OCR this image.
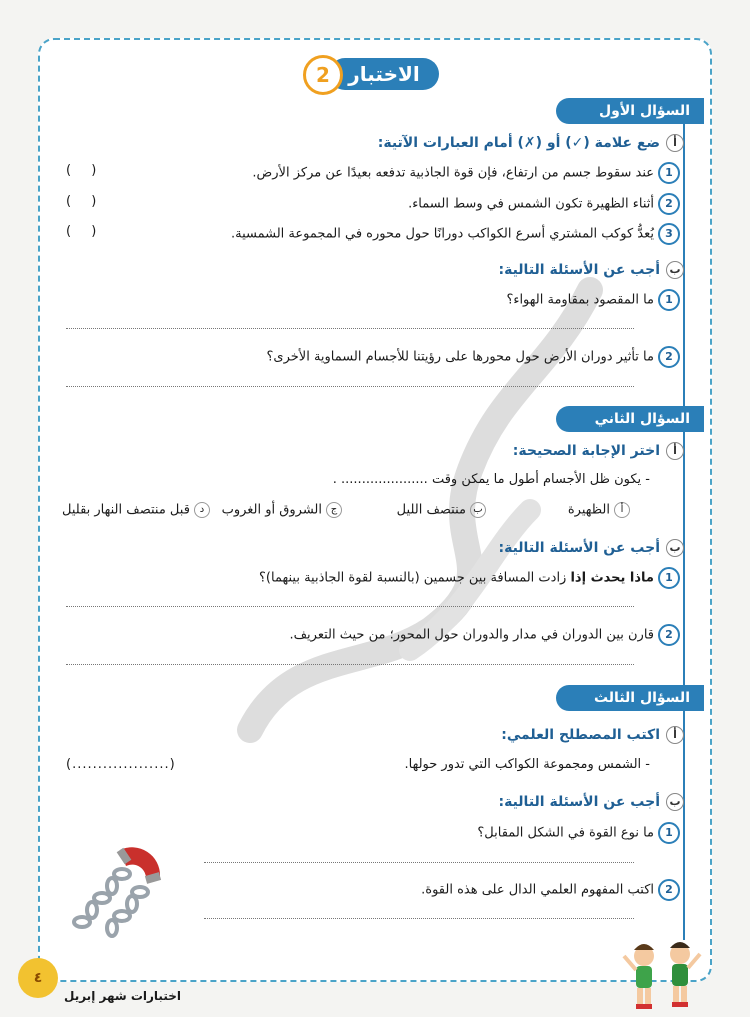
الاختبار
2
السؤال الأول
أضع علامة (✓) أو (✗) أمام العبارات الآتية:
1عند سقوط جسم من ارتفاع، فإن قوة الجاذبية تدفعه بعيدًا عن مركز الأرض.
( )
2أثناء الظهيرة تكون الشمس في وسط السماء.
( )
3يُعدُّ كوكب المشتري أسرع الكواكب دورانًا حول محوره في المجموعة الشمسية.
( )
بأجب عن الأسئلة التالية:
1ما المقصود بمقاومة الهواء؟
2ما تأثير دوران الأرض حول محورها على رؤيتنا للأجسام السماوية الأخرى؟
السؤال الثاني
أاختر الإجابة الصحيحة:
- يكون ظل الأجسام أطول ما يمكن وقت ..................... .
أالظهيرة
بمنتصف الليل
جالشروق أو الغروب
دقبل منتصف النهار بقليل
بأجب عن الأسئلة التالية:
1ماذا يحدث إذا زادت المسافة بين جسمين (بالنسبة لقوة الجاذبية بينهما)؟
2قارن بين الدوران في مدار والدوران حول المحور؛ من حيث التعريف.
السؤال الثالث
أاكتب المصطلح العلمي:
- الشمس ومجموعة الكواكب التي تدور حولها.
(...................)
بأجب عن الأسئلة التالية:
1ما نوع القوة في الشكل المقابل؟
2اكتب المفهوم العلمي الدال على هذه القوة.
٤
اختبارات شهر إبريل
